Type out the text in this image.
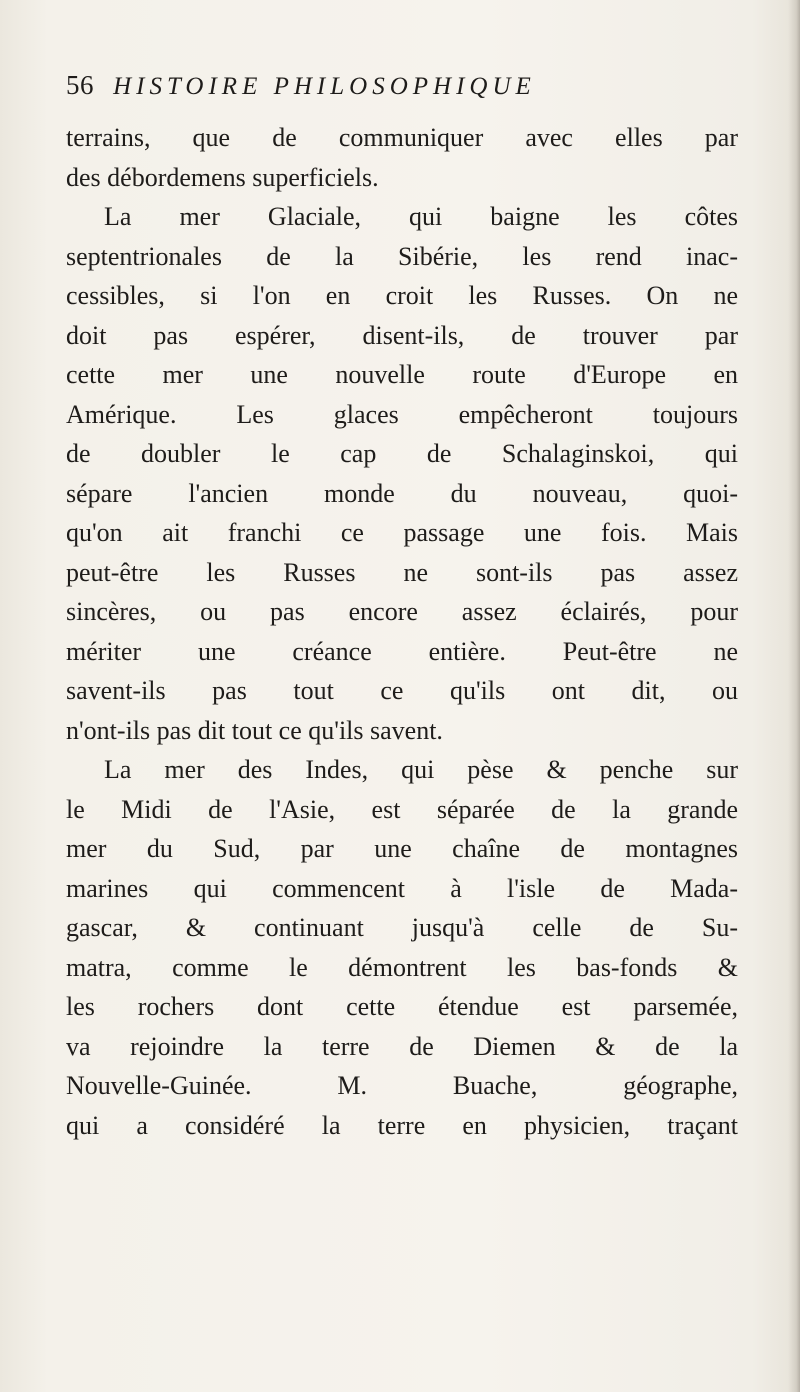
56 HISTOIRE PHILOSOPHIQUE
terrains, que de communiquer avec elles par
des débordemens superficiels.
La mer Glaciale, qui baigne les côtes
septentrionales de la Sibérie, les rend inac-
cessibles, si l'on en croit les Russes. On ne
doit pas espérer, disent-ils, de trouver par
cette mer une nouvelle route d'Europe en
Amérique. Les glaces empêcheront toujours
de doubler le cap de Schalaginskoi, qui
sépare l'ancien monde du nouveau, quoi-
qu'on ait franchi ce passage une fois. Mais
peut-être les Russes ne sont-ils pas assez
sincères, ou pas encore assez éclairés, pour
mériter une créance entière. Peut-être ne
savent-ils pas tout ce qu'ils ont dit, ou
n'ont-ils pas dit tout ce qu'ils savent.
La mer des Indes, qui pèse & penche sur
le Midi de l'Asie, est séparée de la grande
mer du Sud, par une chaîne de montagnes
marines qui commencent à l'isle de Mada-
gascar, & continuant jusqu'à celle de Su-
matra, comme le démontrent les bas-fonds &
les rochers dont cette étendue est parsemée,
va rejoindre la terre de Diemen & de la
Nouvelle-Guinée. M. Buache, géographe,
qui a considéré la terre en physicien, traçant
